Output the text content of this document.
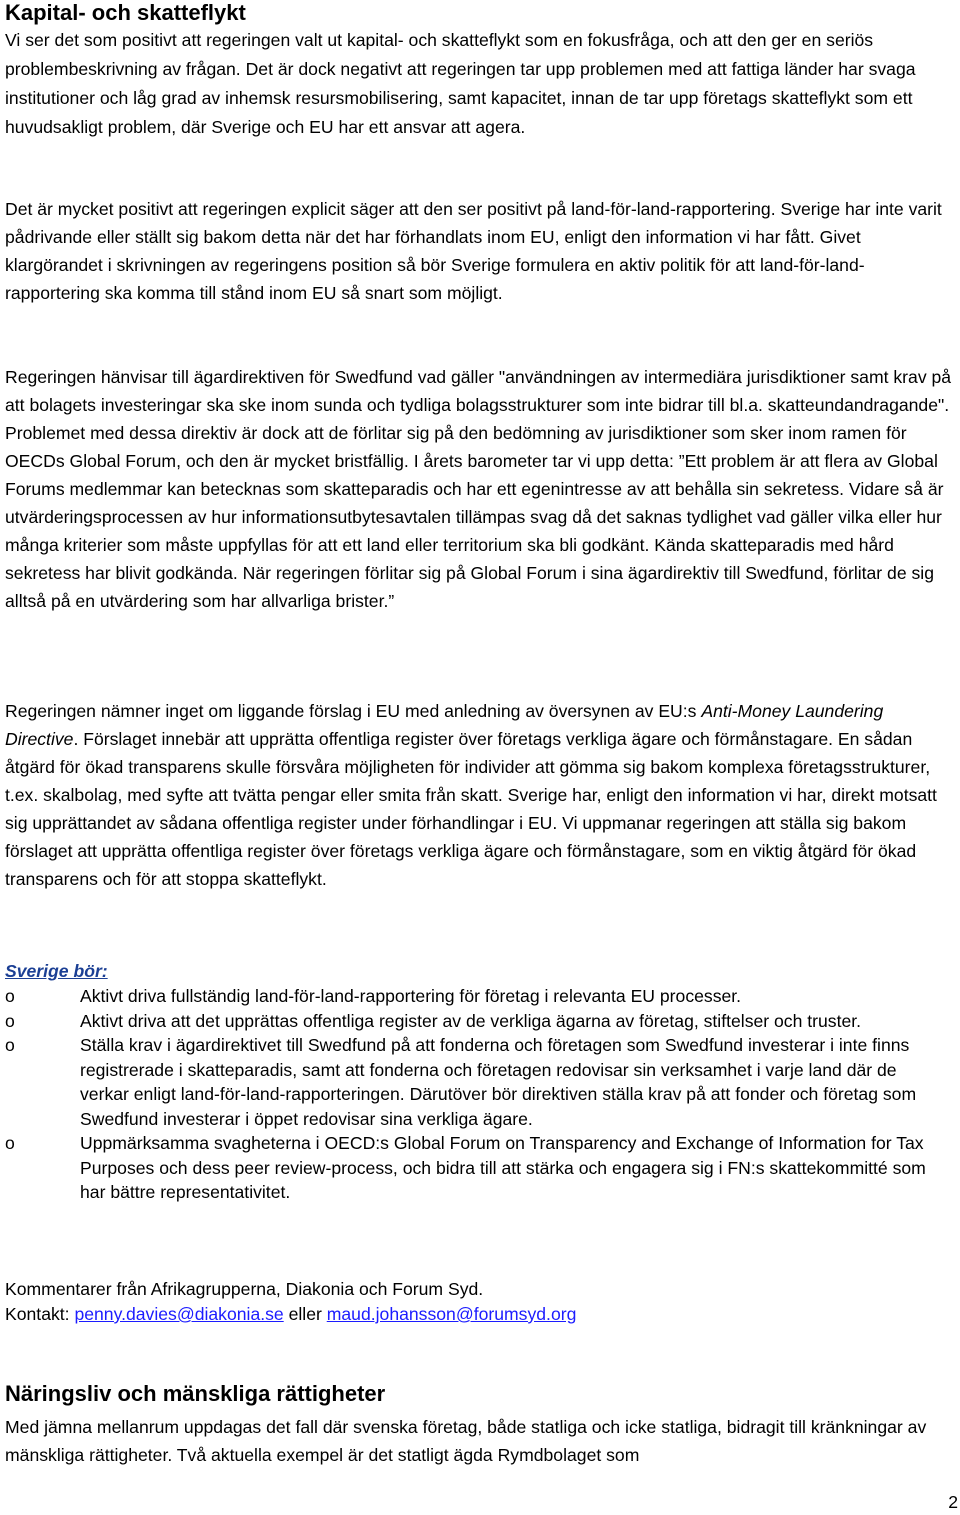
Kapital- och skatteflykt

Vi ser det som positivt att regeringen valt ut kapital- och skatteflykt som en fokusfråga, och att den ger en seriös problembeskrivning av frågan. Det är dock negativt att regeringen tar upp problemen med att fattiga länder har svaga institutioner och låg grad av inhemsk resursmobilisering, samt kapacitet, innan de tar upp företags skatteflykt som ett huvudsakligt problem, där Sverige och EU har ett ansvar att agera.

Det är mycket positivt att regeringen explicit säger att den ser positivt på land-för-land-rapportering. Sverige har inte varit pådrivande eller ställt sig bakom detta när det har förhandlats inom EU, enligt den information vi har fått. Givet klargörandet i skrivningen av regeringens position så bör Sverige formulera en aktiv politik för att land-för-land-rapportering ska komma till stånd inom EU så snart som möjligt.

Regeringen hänvisar till ägardirektiven för Swedfund vad gäller "användningen av intermediära jurisdiktioner samt krav på att bolagets investeringar ska ske inom sunda och tydliga bolagsstrukturer som inte bidrar till bl.a. skatteundandragande". Problemet med dessa direktiv är dock att de förlitar sig på den bedömning av jurisdiktioner som sker inom ramen för OECDs Global Forum, och den är mycket bristfällig. I årets barometer tar vi upp detta: ”Ett problem är att flera av Global Forums medlemmar kan betecknas som skatteparadis och har ett egenintresse av att behålla sin sekretess. Vidare så är utvärderingsprocessen av hur informationsutbytesavtalen tillämpas svag då det saknas tydlighet vad gäller vilka eller hur många kriterier som måste uppfyllas för att ett land eller territorium ska bli godkänt. Kända skatteparadis med hård sekretess har blivit godkända. När regeringen förlitar sig på Global Forum i sina ägardirektiv till Swedfund, förlitar de sig alltså på en utvärdering som har allvarliga brister.”

Regeringen nämner inget om liggande förslag i EU med anledning av översynen av EU:s Anti-Money Laundering Directive. Förslaget innebär att upprätta offentliga register över företags verkliga ägare och förmånstagare. En sådan åtgärd för ökad transparens skulle försvåra möjligheten för individer att gömma sig bakom komplexa företagsstrukturer, t.ex. skalbolag, med syfte att tvätta pengar eller smita från skatt. Sverige har, enligt den information vi har, direkt motsatt sig upprättandet av sådana offentliga register under förhandlingar i EU. Vi uppmanar regeringen att ställa sig bakom förslaget att upprätta offentliga register över företags verkliga ägare och förmånstagare, som en viktig åtgärd för ökad transparens och för att stoppa skatteflykt.

Sverige bör:
o	Aktivt driva fullständig land-för-land-rapportering för företag i relevanta EU processer.
o	Aktivt driva att det upprättas offentliga register av de verkliga ägarna av företag, stiftelser och truster.
o	Ställa krav i ägardirektivet till Swedfund på att fonderna och företagen som Swedfund investerar i inte finns registrerade i skatteparadis, samt att fonderna och företagen redovisar sin verksamhet i varje land där de verkar enligt land-för-land-rapporteringen. Därutöver bör direktiven ställa krav på att fonder och företag som Swedfund investerar i öppet redovisar sina verkliga ägare.
o	Uppmärksamma svagheterna i OECD:s Global Forum on Transparency and Exchange of Information for Tax Purposes och dess peer review-process, och bidra till att stärka och engagera sig i FN:s skattekommitté som har bättre representativitet.
Kommentarer från Afrikagrupperna, Diakonia och Forum Syd.
Kontakt: penny.davies@diakonia.se eller maud.johansson@forumsyd.org
Näringsliv och mänskliga rättigheter

Med jämna mellanrum uppdagas det fall där svenska företag, både statliga och icke statliga, bidragit till kränkningar av mänskliga rättigheter. Två aktuella exempel är det statligt ägda Rymdbolaget som

2
